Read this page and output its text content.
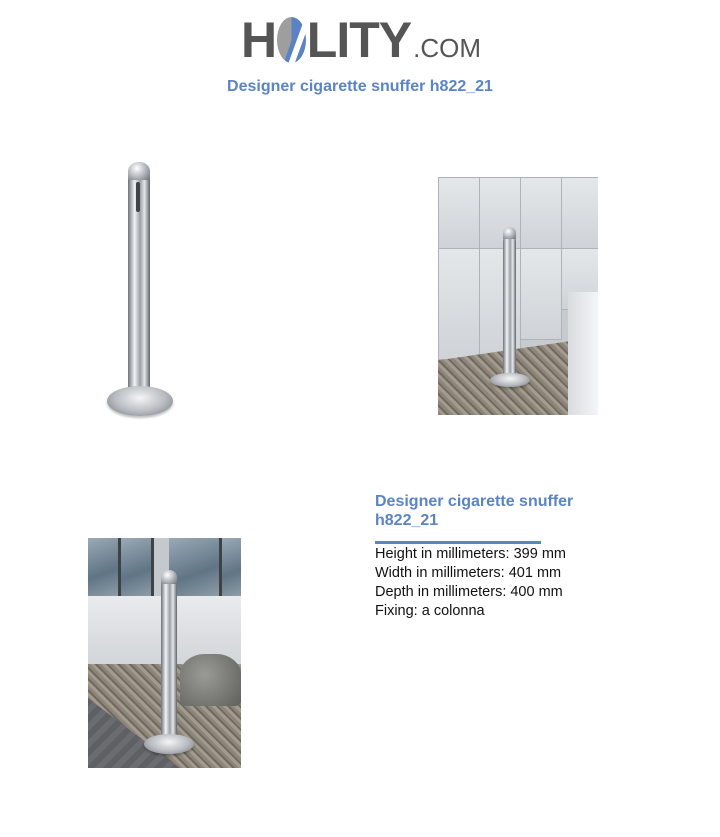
H LITY .COM
Designer cigarette snuffer h822_21
Designer cigarette snuffer h822_21
Height in millimeters: 399 mm
Width in millimeters: 401 mm
Depth in millimeters: 400 mm
Fixing: a colonna
